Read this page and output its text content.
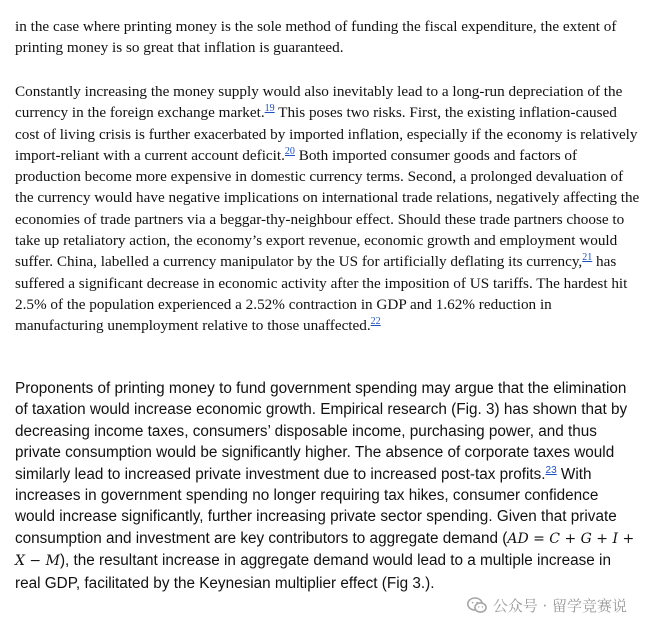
in the case where printing money is the sole method of funding the fiscal expenditure, the extent of printing money is so great that inflation is guaranteed.

Constantly increasing the money supply would also inevitably lead to a long-run depreciation of the currency in the foreign exchange market.$^{19}$ This poses two risks. First, the existing inflation-caused cost of living crisis is further exacerbated by imported inflation, especially if the economy is relatively import-reliant with a current account deficit.$^{20}$ Both imported consumer goods and factors of production become more expensive in domestic currency terms. Second, a prolonged devaluation of the currency would have negative implications on international trade relations, negatively affecting the economies of trade partners via a beggar-thy-neighbour effect. Should these trade partners choose to take up retaliatory action, the economy’s export revenue, economic growth and employment would suffer. China, labelled a currency manipulator by the US for artificially deflating its currency,$^{21}$ has suffered a significant decrease in economic activity after the imposition of US tariffs. The hardest hit 2.5% of the population experienced a 2.52% contraction in GDP and 1.62% reduction in manufacturing unemployment relative to those unaffected.$^{22}$

Proponents of printing money to fund government spending may argue that the elimination of taxation would increase economic growth. Empirical research (Fig. 3) has shown that by decreasing income taxes, consumers’ disposable income, purchasing power, and thus private consumption would be significantly higher. The absence of corporate taxes would similarly lead to increased private investment due to increased post-tax profits.$^{23}$ With increases in government spending no longer requiring tax hikes, consumer confidence would increase significantly, further increasing private sector spending. Given that private consumption and investment are key contributors to aggregate demand (AD = C + G + I + X − M), the resultant increase in aggregate demand would lead to a multiple increase in real GDP, facilitated by the Keynesian multiplier effect (Fig 3.).

公众号 · 留学竞赛说
